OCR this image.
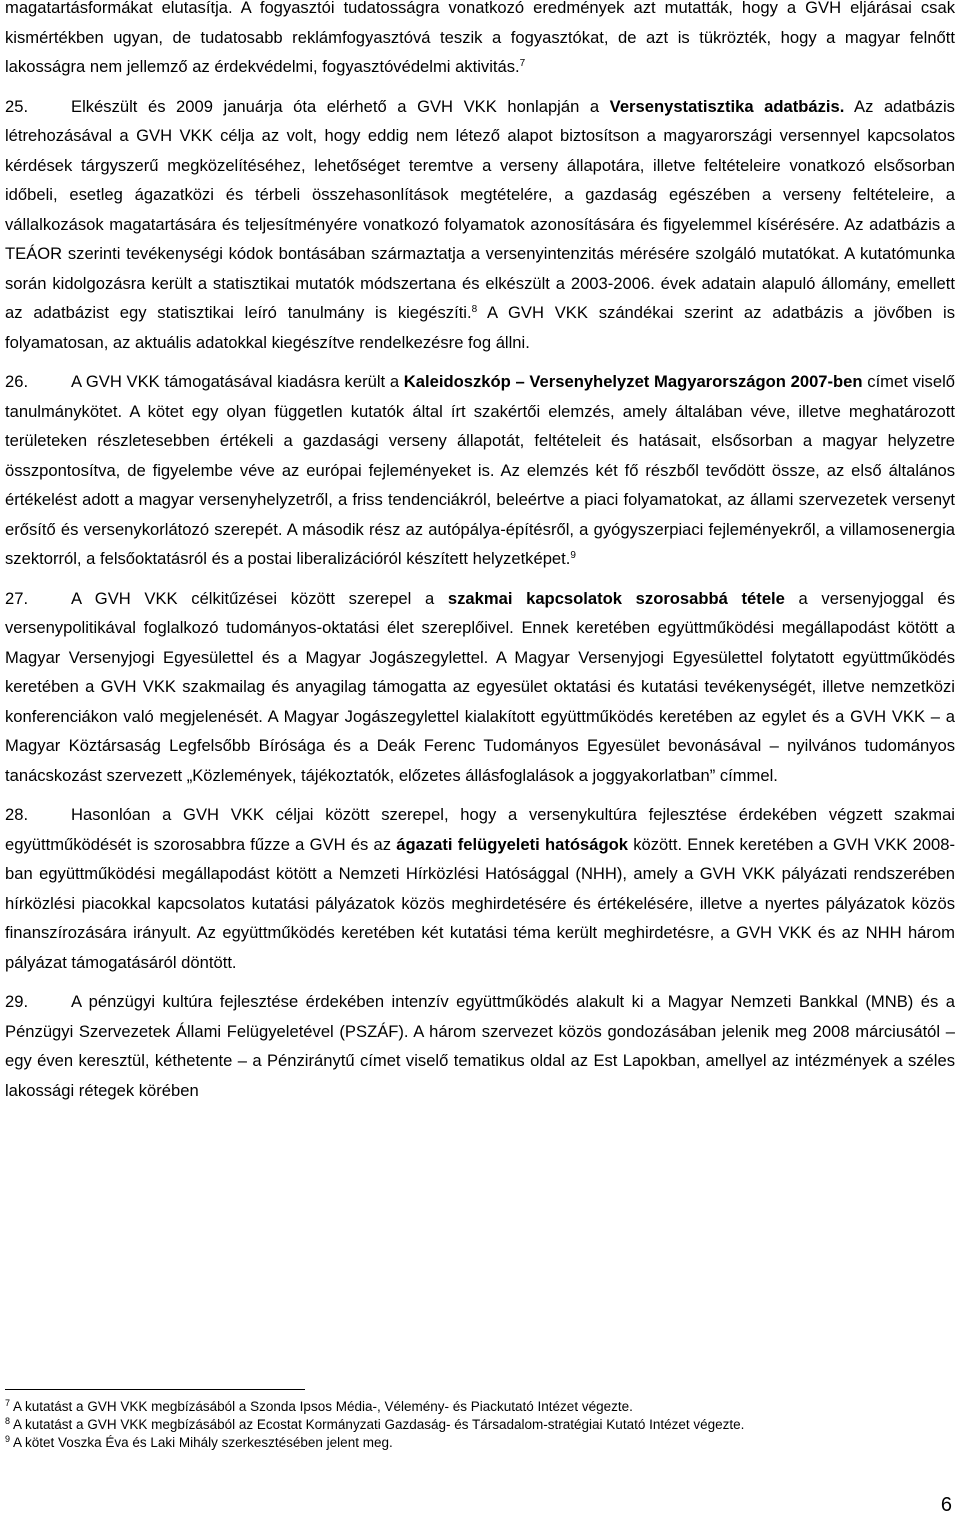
magatartásformákat elutasítja. A fogyasztói tudatosságra vonatkozó eredmények azt mutatták, hogy a GVH eljárásai csak kismértékben ugyan, de tudatosabb reklámfogyasztóvá teszik a fogyasztókat, de azt is tükrözték, hogy a magyar felnőtt lakosságra nem jellemző az érdekvédelmi, fogyasztóvédelmi aktivitás.$^7$

25.	Elkészült és 2009 januárja óta elérhető a GVH VKK honlapján a Versenystatisztika adatbázis. Az adatbázis létrehozásával a GVH VKK célja az volt, hogy eddig nem létező alapot biztosítson a magyarországi versennyel kapcsolatos kérdések tárgyszerű megközelítéséhez, lehetőséget teremtve a verseny állapotára, illetve feltételeire vonatkozó elsősorban időbeli, esetleg ágazatközi és térbeli összehasonlítások megtételére, a gazdaság egészében a verseny feltételeire, a vállalkozások magatartására és teljesítményére vonatkozó folyamatok azonosítására és figyelemmel kísérésére. Az adatbázis a TEÁOR szerinti tevékenységi kódok bontásában származtatja a versenyintenzitás mérésére szolgáló mutatókat. A kutatómunka során kidolgozásra került a statisztikai mutatók módszertana és elkészült a 2003-2006. évek adatain alapuló állomány, emellett az adatbázist egy statisztikai leíró tanulmány is kiegészíti.$^8$ A GVH VKK szándékai szerint az adatbázis a jövőben is folyamatosan, az aktuális adatokkal kiegészítve rendelkezésre fog állni.

26.	A GVH VKK támogatásával kiadásra került a Kaleidoszkóp – Versenyhelyzet Magyarországon 2007-ben címet viselő tanulmánykötet. A kötet egy olyan független kutatók által írt szakértői elemzés, amely általában véve, illetve meghatározott területeken részletesebben értékeli a gazdasági verseny állapotát, feltételeit és hatásait, elsősorban a magyar helyzetre összpontosítva, de figyelembe véve az európai fejleményeket is. Az elemzés két fő részből tevődött össze, az első általános értékelést adott a magyar versenyhelyzetről, a friss tendenciákról, beleértve a piaci folyamatokat, az állami szervezetek versenyt erősítő és versenykorlátozó szerepét. A második rész az autópálya-építésről, a gyógyszerpiaci fejleményekről, a villamosenergia szektorról, a felsőoktatásról és a postai liberalizációról készített helyzetképet.$^9$

27.	A GVH VKK célkitűzései között szerepel a szakmai kapcsolatok szorosabbá tétele a versenyjoggal és versenypolitikával foglalkozó tudományos-oktatási élet szereplőivel. Ennek keretében együttműködési megállapodást kötött a Magyar Versenyjogi Egyesülettel és a Magyar Jogászegylettel. A Magyar Versenyjogi Egyesülettel folytatott együttműködés keretében a GVH VKK szakmailag és anyagilag támogatta az egyesület oktatási és kutatási tevékenységét, illetve nemzetközi konferenciákon való megjelenését. A Magyar Jogászegylettel kialakított együttműködés keretében az egylet és a GVH VKK – a Magyar Köztársaság Legfelsőbb Bírósága és a Deák Ferenc Tudományos Egyesület bevonásával – nyilvános tudományos tanácskozást szervezett „Közlemények, tájékoztatók, előzetes állásfoglalások a joggyakorlatban” címmel.

28.	Hasonlóan a GVH VKK céljai között szerepel, hogy a versenykultúra fejlesztése érdekében végzett szakmai együttműködését is szorosabbra fűzze a GVH és az ágazati felügyeleti hatóságok között. Ennek keretében a GVH VKK 2008-ban együttműködési megállapodást kötött a Nemzeti Hírközlési Hatósággal (NHH), amely a GVH VKK pályázati rendszerében hírközlési piacokkal kapcsolatos kutatási pályázatok közös meghirdetésére és értékelésére, illetve a nyertes pályázatok közös finanszírozására irányult. Az együttműködés keretében két kutatási téma került meghirdetésre, a GVH VKK és az NHH három pályázat támogatásáról döntött.

29.	A pénzügyi kultúra fejlesztése érdekében intenzív együttműködés alakult ki a Magyar Nemzeti Bankkal (MNB) és a Pénzügyi Szervezetek Állami Felügyeletével (PSZÁF). A három szervezet közös gondozásában jelenik meg 2008 márciusától – egy éven keresztül, kéthetente – a Pénziránytű címet viselő tematikus oldal az Est Lapokban, amellyel az intézmények a széles lakossági rétegek körében

$^7$ A kutatást a GVH VKK megbízásából a Szonda Ipsos Média-, Vélemény- és Piackutató Intézet végezte.
$^8$ A kutatást a GVH VKK megbízásából az Ecostat Kormányzati Gazdaság- és Társadalom-stratégiai Kutató Intézet végezte.
$^9$ A kötet Voszka Éva és Laki Mihály szerkesztésében jelent meg.
6
